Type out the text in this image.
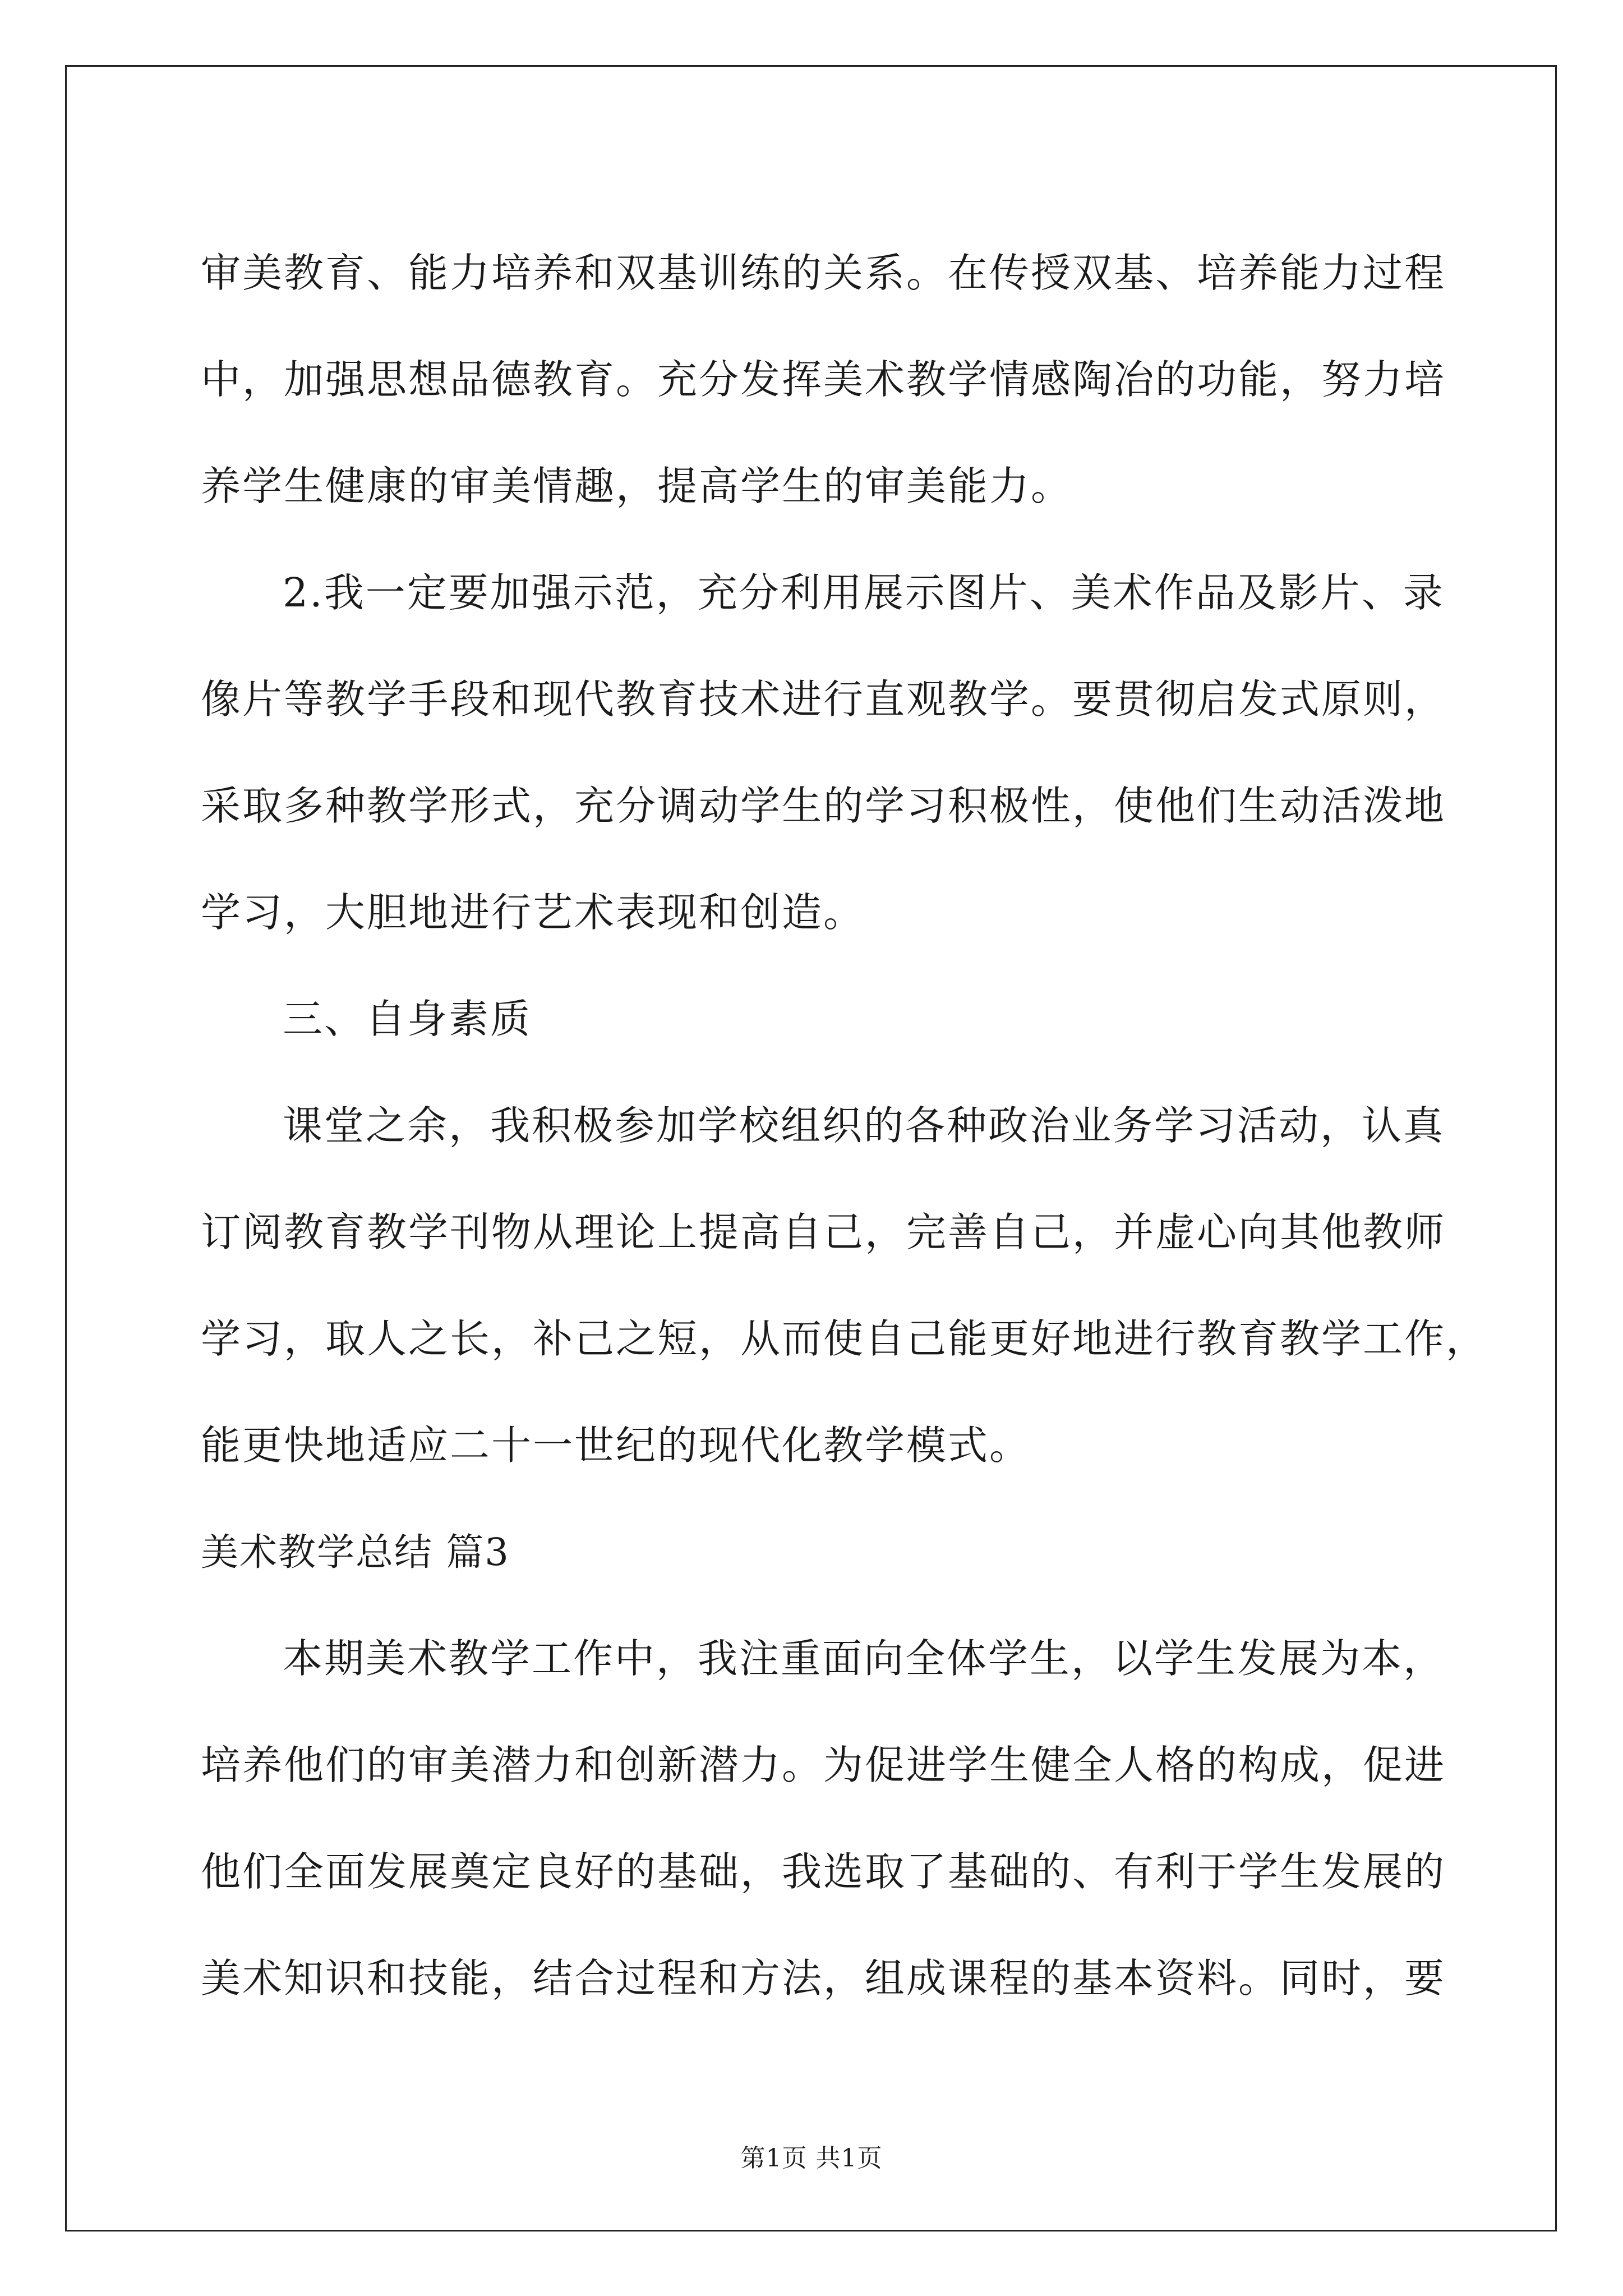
审美教育、能力培养和双基训练的关系。在传授双基、培养能力过程
中，加强思想品德教育。充分发挥美术教学情感陶冶的功能，努力培
养学生健康的审美情趣，提高学生的审美能力。
2.我一定要加强示范，充分利用展示图片、美术作品及影片、录
像片等教学手段和现代教育技术进行直观教学。要贯彻启发式原则，
采取多种教学形式，充分调动学生的学习积极性，使他们生动活泼地
学习，大胆地进行艺术表现和创造。
三、自身素质
课堂之余，我积极参加学校组织的各种政治业务学习活动，认真
订阅教育教学刊物从理论上提高自己，完善自己，并虚心向其他教师
学习，取人之长，补己之短，从而使自己能更好地进行教育教学工作，
能更快地适应二十一世纪的现代化教学模式。
美术教学总结 篇3
本期美术教学工作中，我注重面向全体学生，以学生发展为本，
培养他们的审美潜力和创新潜力。为促进学生健全人格的构成，促进
他们全面发展奠定良好的基础，我选取了基础的、有利于学生发展的
美术知识和技能，结合过程和方法，组成课程的基本资料。同时，要
第1页 共1页
